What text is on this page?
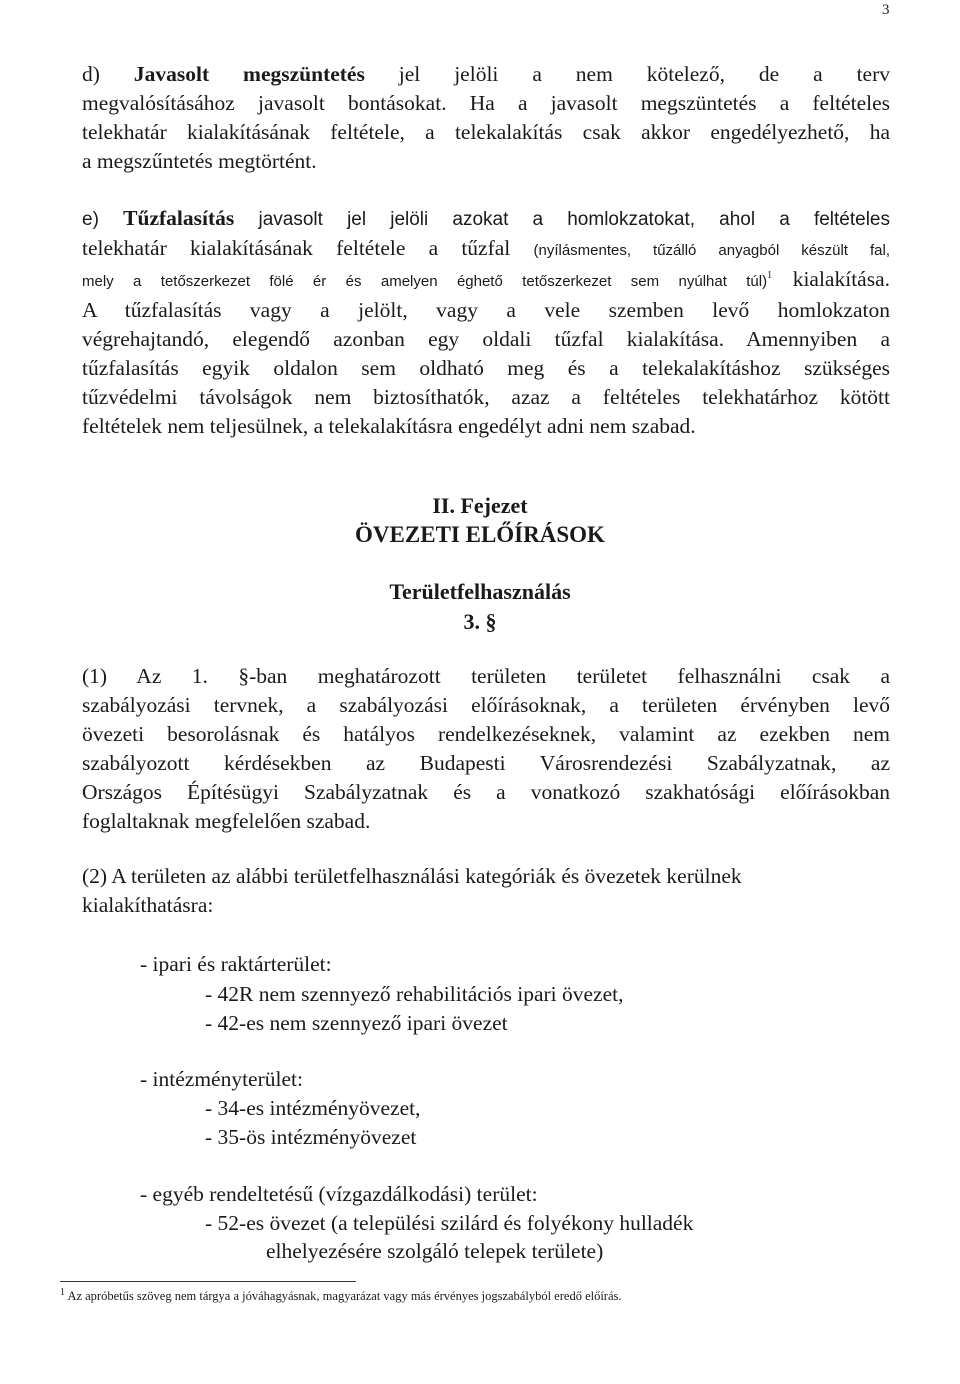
3
d) Javasolt megszüntetés jel jelöli a nem kötelező, de a terv
megvalósításához javasolt bontásokat. Ha a javasolt megszüntetés a feltételes
telekhatár kialakításának feltétele, a telekalakítás csak akkor engedélyezhető, ha
a megszűntetés megtörtént.
e) Tűzfalasítás javasolt jel jelöli azokat a homlokzatokat, ahol a feltételes
telekhatár kialakításának feltétele a tűzfal (nyílásmentes, tűzálló anyagból készült fal,
mely a tetőszerkezet fölé ér és amelyen éghető tetőszerkezet sem nyúlhat túl)$^1$ kialakítása.
A tűzfalasítás vagy a jelölt, vagy a vele szemben levő homlokzaton
végrehajtandó, elegendő azonban egy oldali tűzfal kialakítása. Amennyiben a
tűzfalasítás egyik oldalon sem oldható meg és a telekalakításhoz szükséges
tűzvédelmi távolságok nem biztosíthatók, azaz a feltételes telekhatárhoz kötött
feltételek nem teljesülnek, a telekalakításra engedélyt adni nem szabad.
II. Fejezet
ÖVEZETI ELŐÍRÁSOK
Területfelhasználás
3. §
(1) Az 1. §-ban meghatározott területen területet felhasználni csak a
szabályozási tervnek, a szabályozási előírásoknak, a területen érvényben levő
övezeti besorolásnak és hatályos rendelkezéseknek, valamint az ezekben nem
szabályozott kérdésekben az Budapesti Városrendezési Szabályzatnak, az
Országos Építésügyi Szabályzatnak és a vonatkozó szakhatósági előírásokban
foglaltaknak megfelelően szabad.
(2) A területen az alábbi területfelhasználási kategóriák és övezetek kerülnek
kialakíthatásra:
- ipari és raktárterület:
- 42R nem szennyező rehabilitációs ipari övezet,
- 42-es nem szennyező ipari övezet
- intézményterület:
- 34-es intézményövezet,
- 35-ös intézményövezet
- egyéb rendeltetésű (vízgazdálkodási) terület:
- 52-es övezet (a települési szilárd és folyékony hulladék
elhelyezésére szolgáló telepek területe)
$^1$ Az apróbetűs szöveg nem tárgya a jóváhagyásnak, magyarázat vagy más érvényes jogszabályból eredő előírás.
